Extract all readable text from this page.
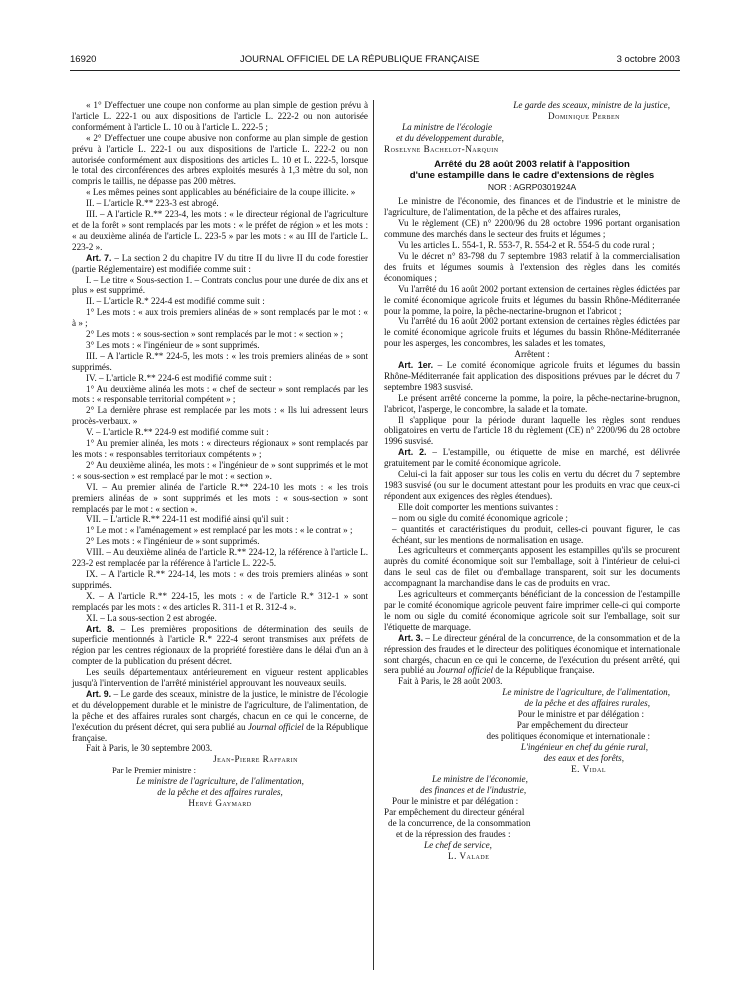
16920	JOURNAL OFFICIEL DE LA RÉPUBLIQUE FRANÇAISE	3 octobre 2003

« 1° D'effectuer une coupe non conforme au plan simple de gestion prévu à l'article L. 222-1 ou aux dispositions de l'article L. 222-2 ou non autorisée conformément à l'article L. 10 ou à l'article L. 222-5 ;

« 2° D'effectuer une coupe abusive non conforme au plan simple de gestion prévu à l'article L. 222-1 ou aux dispositions de l'article L. 222-2 ou non autorisée conformément aux dispositions des articles L. 10 et L. 222-5, lorsque le total des circonférences des arbres exploités mesurés à 1,3 mètre du sol, non compris le taillis, ne dépasse pas 200 mètres.

« Les mêmes peines sont applicables au bénéficiaire de la coupe illicite. »

II. – L'article R.** 223-3 est abrogé.

III. – A l'article R.** 223-4, les mots : « le directeur régional de l'agriculture et de la forêt » sont remplacés par les mots : « le préfet de région » et les mots : « au deuxième alinéa de l'article L. 223-5 » par les mots : « au III de l'article L. 223-2 ».

Art. 7. – La section 2 du chapitre IV du titre II du livre II du code forestier (partie Réglementaire) est modifiée comme suit :

I. – Le titre « Sous-section 1. – Contrats conclus pour une durée de dix ans et plus » est supprimé.

II. – L'article R.* 224-4 est modifié comme suit :

1° Les mots : « aux trois premiers alinéas de » sont remplacés par le mot : « à » ;

2° Les mots : « sous-section » sont remplacés par le mot : « section » ;

3° Les mots : « l'ingénieur de » sont supprimés.

III. – A l'article R.** 224-5, les mots : « les trois premiers alinéas de » sont supprimés.

IV. – L'article R.** 224-6 est modifié comme suit :

1° Au deuxième alinéa les mots : « chef de secteur » sont remplacés par les mots : « responsable territorial compétent » ;

2° La dernière phrase est remplacée par les mots : « Ils lui adressent leurs procès-verbaux. »

V. – L'article R.** 224-9 est modifié comme suit :

1° Au premier alinéa, les mots : « directeurs régionaux » sont remplacés par les mots : « responsables territoriaux compétents » ;

2° Au deuxième alinéa, les mots : « l'ingénieur de » sont supprimés et le mot : « sous-section » est remplacé par le mot : « section ».

VI. – Au premier alinéa de l'article R.** 224-10 les mots : « les trois premiers alinéas de » sont supprimés et les mots : « sous-section » sont remplacés par le mot : « section ».

VII. – L'article R.** 224-11 est modifié ainsi qu'il suit :

1° Le mot : « l'aménagement » est remplacé par les mots : « le contrat » ;

2° Les mots : « l'ingénieur de » sont supprimés.

VIII. – Au deuxième alinéa de l'article R.** 224-12, la référence à l'article L. 223-2 est remplacée par la référence à l'article L. 222-5.

IX. – A l'article R.** 224-14, les mots : « des trois premiers alinéas » sont supprimés.

X. – A l'article R.** 224-15, les mots : « de l'article R.* 312-1 » sont remplacés par les mots : « des articles R. 311-1 et R. 312-4 ».

XI. – La sous-section 2 est abrogée.

Art. 8. – Les premières propositions de détermination des seuils de superficie mentionnés à l'article R.* 222-4 seront transmises aux préfets de région par les centres régionaux de la propriété forestière dans le délai d'un an à compter de la publication du présent décret.

Les seuils départementaux antérieurement en vigueur restent applicables jusqu'à l'intervention de l'arrêté ministériel approuvant les nouveaux seuils.

Art. 9. – Le garde des sceaux, ministre de la justice, le ministre de l'écologie et du développement durable et le ministre de l'agriculture, de l'alimentation, de la pêche et des affaires rurales sont chargés, chacun en ce qui le concerne, de l'exécution du présent décret, qui sera publié au Journal officiel de la République française.

Fait à Paris, le 30 septembre 2003.

Jean-Pierre Raffarin

Par le Premier ministre :

Le ministre de l'agriculture, de l'alimentation,

de la pêche et des affaires rurales,

Hervé Gaymard

Le garde des sceaux, ministre de la justice,

Dominique Perben

La ministre de l'écologie

et du développement durable,

Roselyne Bachelot-Narquin

Arrêté du 28 août 2003 relatif à l'apposition
d'une estampille dans le cadre d'extensions de règles
NOR : AGRP0301924A

Le ministre de l'économie, des finances et de l'industrie et le ministre de l'agriculture, de l'alimentation, de la pêche et des affaires rurales,

Vu le règlement (CE) n° 2200/96 du 28 octobre 1996 portant organisation commune des marchés dans le secteur des fruits et légumes ;

Vu les articles L. 554-1, R. 553-7, R. 554-2 et R. 554-5 du code rural ;

Vu le décret n° 83-798 du 7 septembre 1983 relatif à la commercialisation des fruits et légumes soumis à l'extension des règles dans les comités économiques ;

Vu l'arrêté du 16 août 2002 portant extension de certaines règles édictées par le comité économique agricole fruits et légumes du bassin Rhône-Méditerranée pour la pomme, la poire, la pêche-nectarine-brugnon et l'abricot ;

Vu l'arrêté du 16 août 2002 portant extension de certaines règles édictées par le comité économique agricole fruits et légumes du bassin Rhône-Méditerranée pour les asperges, les concombres, les salades et les tomates,

Arrêtent :

Art. 1er. – Le comité économique agricole fruits et légumes du bassin Rhône-Méditerranée fait application des dispositions prévues par le décret du 7 septembre 1983 susvisé.

Le présent arrêté concerne la pomme, la poire, la pêche-nectarine-brugnon, l'abricot, l'asperge, le concombre, la salade et la tomate.

Il s'applique pour la période durant laquelle les règles sont rendues obligatoires en vertu de l'article 18 du règlement (CE) n° 2200/96 du 28 octobre 1996 susvisé.

Art. 2. – L'estampille, ou étiquette de mise en marché, est délivrée gratuitement par le comité économique agricole.

Celui-ci la fait apposer sur tous les colis en vertu du décret du 7 septembre 1983 susvisé (ou sur le document attestant pour les produits en vrac que ceux-ci répondent aux exigences des règles étendues).

Elle doit comporter les mentions suivantes :

– nom ou sigle du comité économique agricole ;

– quantités et caractéristiques du produit, celles-ci pouvant figurer, le cas échéant, sur les mentions de normalisation en usage.

Les agriculteurs et commerçants apposent les estampilles qu'ils se procurent auprès du comité économique soit sur l'emballage, soit à l'intérieur de celui-ci dans le seul cas de filet ou d'emballage transparent, soit sur les documents accompagnant la marchandise dans le cas de produits en vrac.

Les agriculteurs et commerçants bénéficiant de la concession de l'estampille par le comité économique agricole peuvent faire imprimer celle-ci qui comporte le nom ou sigle du comité économique agricole soit sur l'emballage, soit sur l'étiquette de marquage.

Art. 3. – Le directeur général de la concurrence, de la consommation et de la répression des fraudes et le directeur des politiques économique et internationale sont chargés, chacun en ce qui le concerne, de l'exécution du présent arrêté, qui sera publié au Journal officiel de la République française.

Fait à Paris, le 28 août 2003.

Le ministre de l'agriculture, de l'alimentation,

de la pêche et des affaires rurales,

Pour le ministre et par délégation :

Par empêchement du directeur

des politiques économique et internationale :

L'ingénieur en chef du génie rural,

des eaux et des forêts,

E. Vidal

Le ministre de l'économie,

des finances et de l'industrie,

Pour le ministre et par délégation :

Par empêchement du directeur général

de la concurrence, de la consommation

et de la répression des fraudes :

Le chef de service,

L. Valade
